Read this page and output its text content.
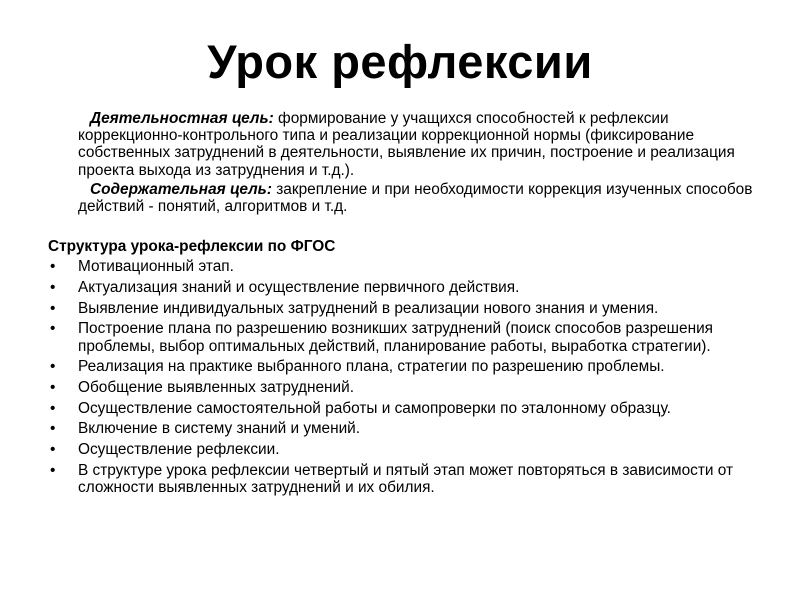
Урок рефлексии

Деятельностная цель: формирование у учащихся способностей к рефлексии коррекционно-контрольного типа и реализации коррекционной нормы (фиксирование собственных затруднений в деятельности, выявление их причин, построение и реализация проекта выхода из затруднения и т.д.).

Содержательная цель: закрепление и при необходимости коррекция изученных способов действий - понятий, алгоритмов и т.д.

Структура урока-рефлексии по ФГОС
• Мотивационный этап.
• Актуализация знаний и осуществление первичного действия.
• Выявление индивидуальных затруднений в реализации нового знания и умения.
• Построение плана по разрешению возникших затруднений (поиск способов разрешения проблемы, выбор оптимальных действий, планирование работы, выработка стратегии).
• Реализация на практике выбранного плана, стратегии по разрешению проблемы.
• Обобщение выявленных затруднений.
• Осуществление самостоятельной работы и самопроверки по эталонному образцу.
• Включение в систему знаний и умений.
• Осуществление рефлексии.
• В структуре урока рефлексии четвертый и пятый этап может повторяться в зависимости от сложности выявленных затруднений и их обилия.
